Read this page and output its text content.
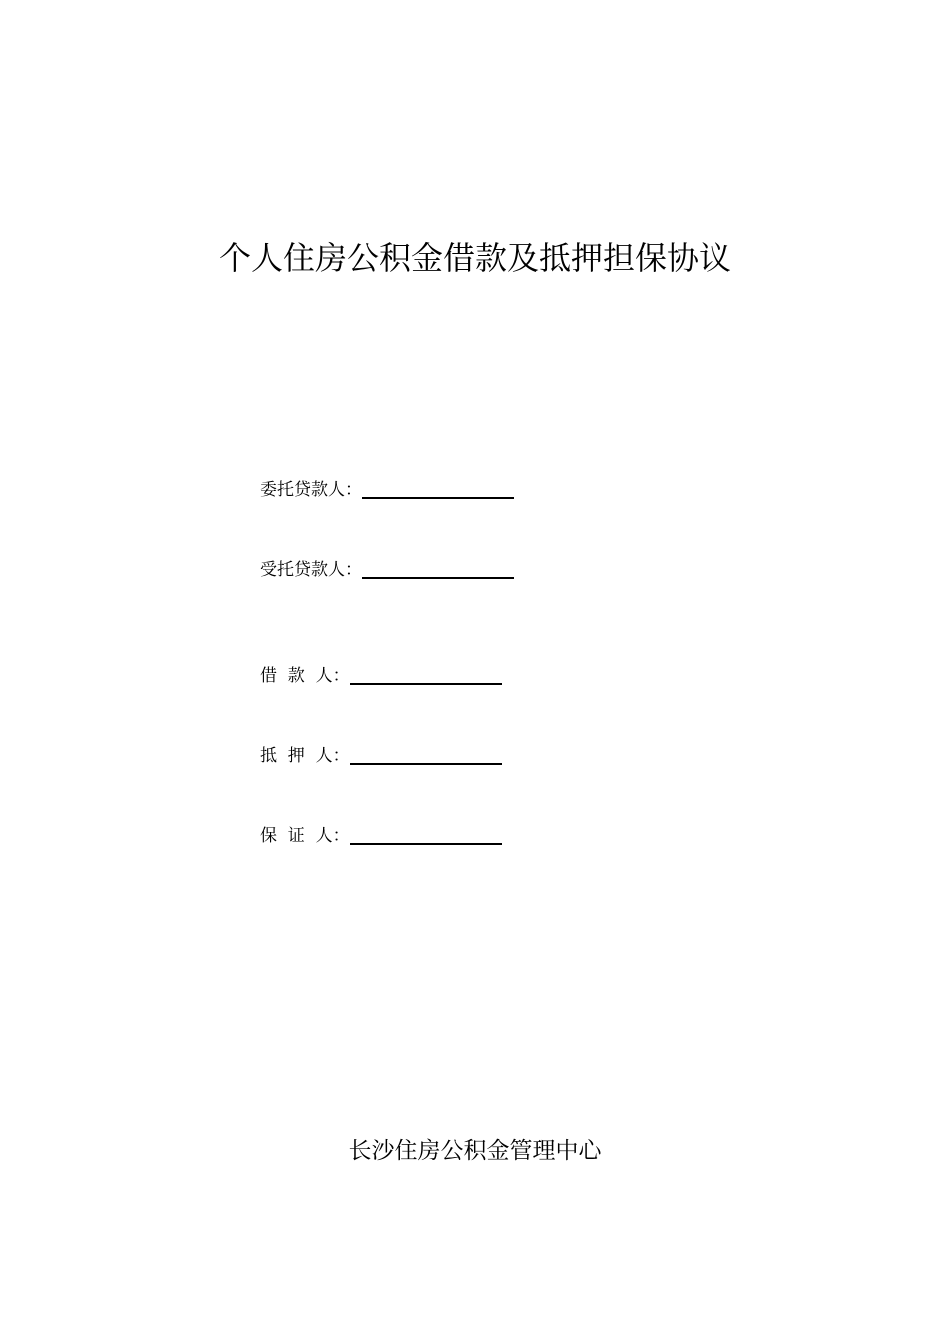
个人住房公积金借款及抵押担保协议
委托贷款人：
受托贷款人：
借  款  人：
抵  押  人：
保  证  人：
长沙住房公积金管理中心
